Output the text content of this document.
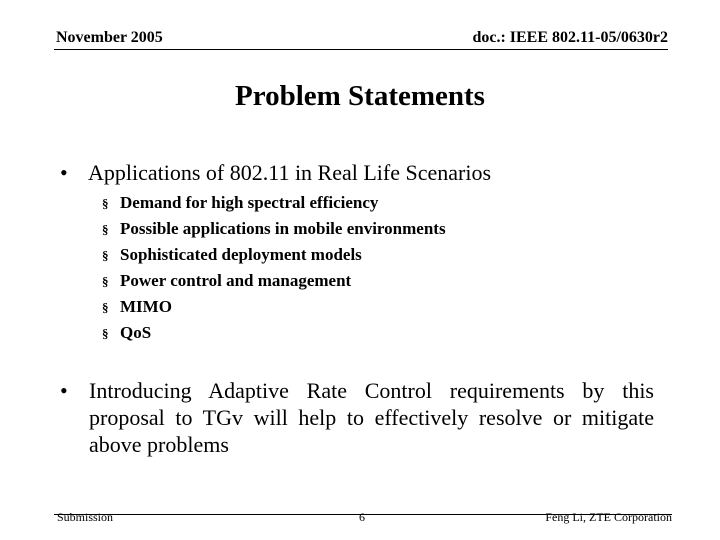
November 2005	doc.: IEEE 802.11-05/0630r2
Problem Statements
• Applications of 802.11 in Real Life Scenarios
§ Demand for high spectral efficiency
§ Possible applications in mobile environments
§ Sophisticated deployment models
§ Power control and management
§ MIMO
§ QoS
• Introducing Adaptive Rate Control requirements by this proposal to TGv will help to effectively resolve or mitigate above problems
Submission	6	Feng Li, ZTE Corporation
